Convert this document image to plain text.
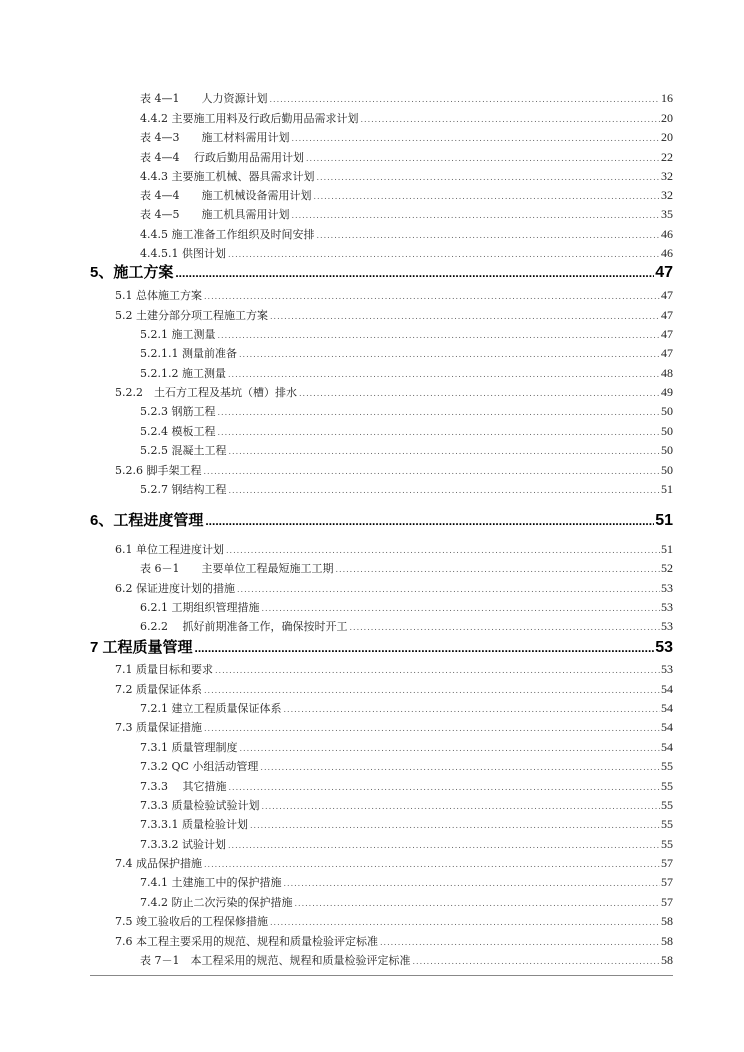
表 4—1　　人力资源计划 .....	16
4.4.2 主要施工用料及行政后勤用品需求计划 .....	20
表 4—3　　施工材料需用计划 .....	20
表 4—4　 行政后勤用品需用计划 .....	22
4.4.3 主要施工机械、器具需求计划 .....	32
表 4—4　　施工机械设备需用计划 .....	32
表 4—5　　施工机具需用计划 .....	35
4.4.5 施工准备工作组织及时间安排 .....	46
4.4.5.1 供图计划 .....	46
5、施工方案 .....	47
5.1 总体施工方案 .....	47
5.2 土建分部分项工程施工方案 .....	47
5.2.1 施工测量 .....	47
5.2.1.1 测量前准备 .....	47
5.2.1.2 施工测量 .....	48
5.2.2　土石方工程及基坑（槽）排水 .....	49
5.2.3 钢筋工程 .....	50
5.2.4 模板工程 .....	50
5.2.5 混凝土工程 .....	50
5.2.6 脚手架工程 .....	50
5.2.7 钢结构工程 .....	51
6、工程进度管理 .....	51
6.1 单位工程进度计划 .....	51
表 6－1　　主要单位工程最短施工工期 .....	52
6.2 保证进度计划的措施 .....	53
6.2.1 工期组织管理措施 .....	53
6.2.2　 抓好前期准备工作，确保按时开工 .....	53
7 工程质量管理 .....	53
7.1 质量目标和要求 .....	53
7.2 质量保证体系 .....	54
7.2.1 建立工程质量保证体系 .....	54
7.3 质量保证措施 .....	54
7.3.1 质量管理制度 .....	54
7.3.2 QC 小组活动管理 .....	55
7.3.3　 其它措施 .....	55
7.3.3 质量检验试验计划 .....	55
7.3.3.1 质量检验计划 .....	55
7.3.3.2 试验计划 .....	55
7.4 成品保护措施 .....	57
7.4.1 土建施工中的保护措施 .....	57
7.4.2 防止二次污染的保护措施 .....	57
7.5 竣工验收后的工程保修措施 .....	58
7.6 本工程主要采用的规范、规程和质量检验评定标准 .....	58
表 7－1　本工程采用的规范、规程和质量检验评定标准 .....	58
